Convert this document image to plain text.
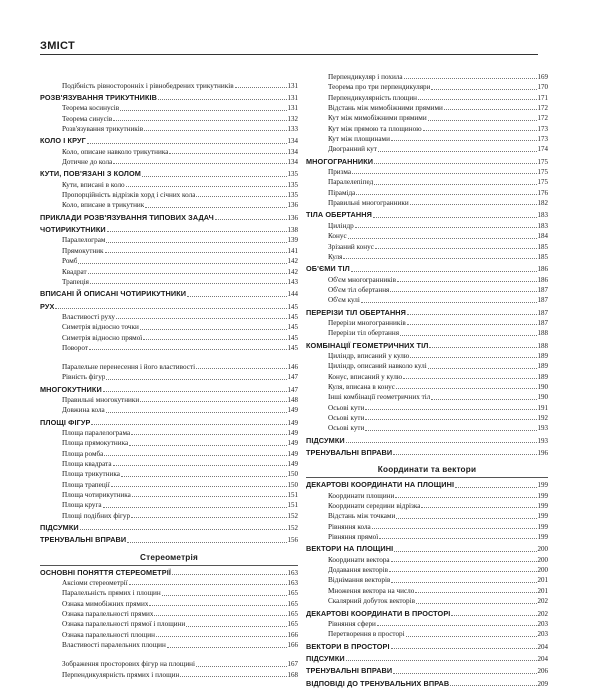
ЗМІСТ
Подібність рівносторонніх і рівнобедрених трикутників	131
РОЗВ'ЯЗУВАННЯ ТРИКУТНИКІВ	131
Теорема косинусів	131
Теорема синусів	132
Розв'язування трикутників	133
КОЛО І КРУГ	134
Коло, описане навколо трикутника	134
Дотичне до кола	134
КУТИ, ПОВ'ЯЗАНІ З КОЛОМ	135
Кути, вписані в коло	135
Пропорційність відрізків хорд і січних кола	135
Коло, вписане в трикутник	136
ПРИКЛАДИ РОЗВ'ЯЗУВАННЯ ТИПОВИХ ЗАДАЧ	136
ЧОТИРИКУТНИКИ	138
Паралелограм	139
Прямокутник	141
Ромб	142
Квадрат	142
Трапеція	143
ВПИСАНІ Й ОПИСАНІ ЧОТИРИКУТНИКИ	144
РУХ	145
Властивості руху	145
Симетрія відносно точки	145
Симетрія відносно прямої	145
Поворот	145
Паралельне перенесення і його властивості	146
Рівність фігур	147
МНОГОКУТНИКИ	147
Правильні многокутники	148
Довжина кола	149
ПЛОЩІ ФІГУР	149
Площа паралелограма	149
Площа прямокутника	149
Площа ромба	149
Площа квадрата	149
Площа трикутника	150
Площа трапеції	150
Площа чотирикутника	151
Площа круга	151
Площі подібних фігур	152
ПІДСУМКИ	152
ТРЕНУВАЛЬНІ ВПРАВИ	156
Стереометрія
ОСНОВНІ ПОНЯТТЯ СТЕРЕОМЕТРІЇ	163
Аксіоми стереометрії	163
Паралельність прямих і площин	165
Ознака мимобіжних прямих	165
Ознака паралельності прямих	165
Ознака паралельності прямої і площини	165
Ознака паралельності площин	166
Властивості паралельних площин	166
Зображення просторових фігур на площині	167
Перпендикулярність прямих і площин	168
Перпендикуляр і похила	169
Теорема про три перпендикуляри	170
Перпендикулярність площин	171
Відстань між мимобіжними прямими	172
Кут між мимобіжними прямими	172
Кут між прямою та площиною	173
Кут між площинами	173
Двогранний кут	174
МНОГОГРАННИКИ	175
Призма	175
Паралелепіпед	175
Піраміда	176
Правильні многогранники	182
ТІЛА ОБЕРТАННЯ	183
Циліндр	183
Конус	184
Зрізаний конус	185
Куля	185
ОБ'ЄМИ ТІЛ	186
Об'єм многогранників	186
Об'єм тіл обертання	187
Об'єм кулі	187
ПЕРЕРІЗИ ТІЛ ОБЕРТАННЯ	187
Перерізи многогранників	187
Перерізи тіл обертання	188
КОМБІНАЦІЇ ГЕОМЕТРИЧНИХ ТІЛ	188
Циліндр, вписаний у кулю	189
Циліндр, описаний навколо кулі	189
Конус, вписаний у кулю	189
Куля, вписана в конус	190
Інші комбінації геометричних тіл	190
Осьові кути	191
Осьові кути	192
Осьові кути	193
ПІДСУМКИ	193
ТРЕНУВАЛЬНІ ВПРАВИ	196
Координати та вектори
ДЕКАРТОВІ КООРДИНАТИ НА ПЛОЩИНІ	199
Координати площини	199
Координати середини відрізка	199
Відстань між точками	199
Рівняння кола	199
Рівняння прямої	199
ВЕКТОРИ НА ПЛОЩИНІ	200
Координати вектора	200
Додавання векторів	200
Віднімання векторів	201
Множення вектора на число	201
Скалярний добуток векторів	202
ДЕКАРТОВІ КООРДИНАТИ В ПРОСТОРІ	202
Рівняння сфери	203
Перетворення в просторі	203
ВЕКТОРИ В ПРОСТОРІ	204
ПІДСУМКИ	204
ТРЕНУВАЛЬНІ ВПРАВИ	206
ВІДПОВІДІ ДО ТРЕНУВАЛЬНИХ ВПРАВ	209
